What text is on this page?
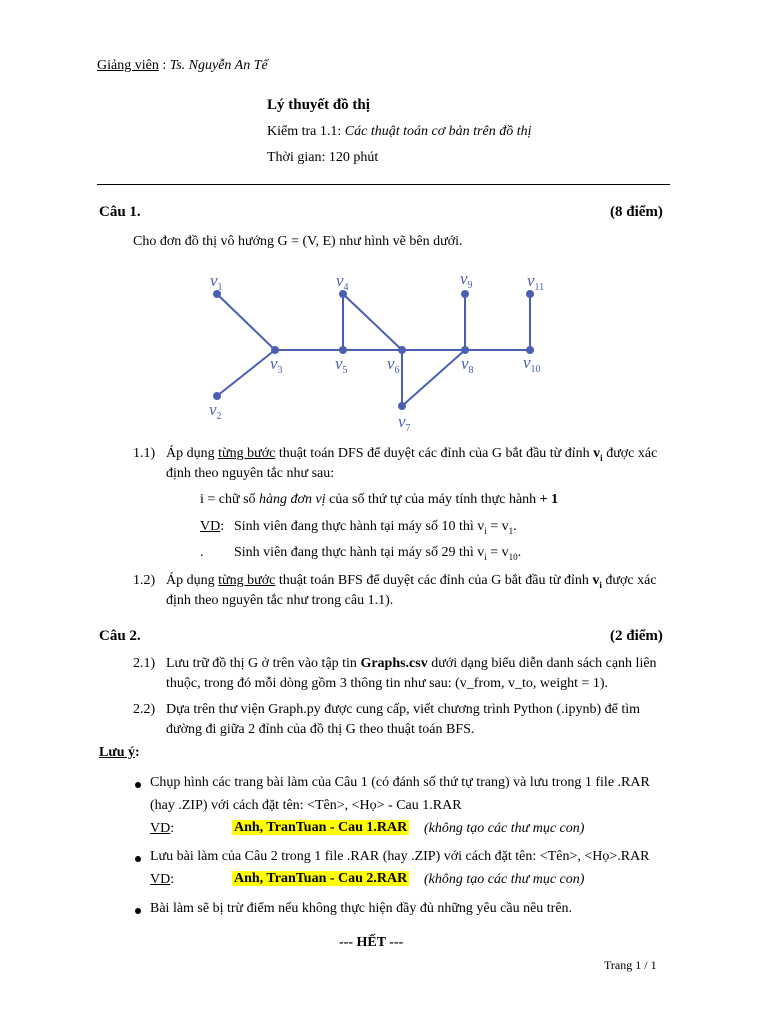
Giảng viên : Ts. Nguyễn An Tế
Lý thuyết đồ thị
Kiểm tra 1.1: Các thuật toán cơ bản trên đồ thị
Thời gian: 120 phút
Câu 1.	(8 điểm)
Cho đơn đồ thị vô hướng G = (V, E) như hình vẽ bên dưới.
$v_1$
$v_2$
$v_3$
$v_4$
$v_5$ $v_6$
$v_7$
$v_8$
$v_9$
$v_{10}$
$v_{11}$
1.1) Áp dụng từng bước thuật toán DFS để duyệt các đỉnh của G bắt đầu từ đỉnh $v_i$ được xác
định theo nguyên tắc như sau:
i = chữ số hàng đơn vị của số thứ tự của máy tính thực hành + 1
VD: Sinh viên đang thực hành tại máy số 10 thì $v_i = v_1$.
. Sinh viên đang thực hành tại máy số 29 thì $v_i = v_{10}$.
1.2) Áp dụng từng bước thuật toán BFS để duyệt các đỉnh của G bắt đầu từ đỉnh $v_i$ được xác
định theo nguyên tắc như trong câu 1.1).
Câu 2.	(2 điểm)
2.1) Lưu trữ đồ thị G ở trên vào tập tin Graphs.csv dưới dạng biểu diễn danh sách cạnh liên
thuộc, trong đó mỗi dòng gồm 3 thông tin như sau: (v_from, v_to, weight = 1).
2.2) Dựa trên thư viện Graph.py được cung cấp, viết chương trình Python (.ipynb) để tìm
đường đi giữa 2 đỉnh của đồ thị G theo thuật toán BFS.
Lưu ý:
Chụp hình các trang bài làm của Câu 1 (có đánh số thứ tự trang) và lưu trong 1 file .RAR
(hay .ZIP) với cách đặt tên: <Tên>, <Họ> - Cau 1.RAR
VD:	Anh, TranTuan - Cau 1.RAR (không tạo các thư mục con)
Lưu bài làm của Câu 2 trong 1 file .RAR (hay .ZIP) với cách đặt tên: <Tên>, <Họ>.RAR
VD:	Anh, TranTuan - Cau 2.RAR (không tạo các thư mục con)
Bài làm sẽ bị trừ điểm nếu không thực hiện đầy đủ những yêu cầu nêu trên.
--- HẾT ---
Trang 1 / 1
